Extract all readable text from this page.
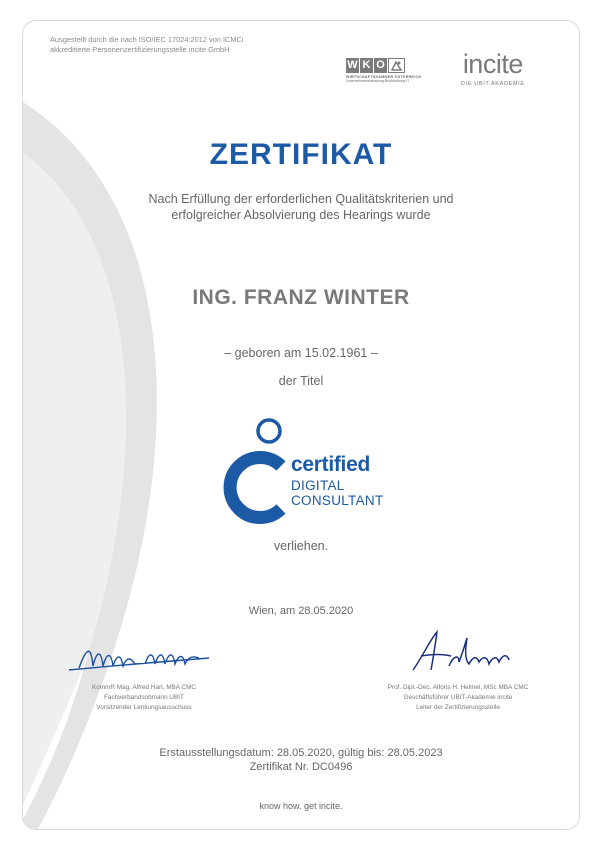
Ausgestellt durch die nach ISO/IEC 17024:2012 von ICMCi
akkreditierte Personenzertifizierungsstelle incite GmbH
W K O
WIRTSCHAFTSKAMMER ÖSTERREICH
Unternehmensberatung·Buchhaltung·IT
incite
DIE UBIT.AKADEMIE
ZERTIFIKAT
Nach Erfüllung der erforderlichen Qualitätskriterien und
erfolgreicher Absolvierung des Hearings wurde
ING. FRANZ WINTER
– geboren am 15.02.1961 –
der Titel
certified
DIGITAL
CONSULTANT
verliehen.
Wien, am 28.05.2020
KommR Mag. Alfred Harl, MBA CMC
Fachverbandsobmann UBIT
Vorsitzender Lenkungsausschuss
Prof. Dipl.-Oec. Alfons H. Helmel, MSc MBA CMC
Geschäftsführer UBIT-Akademie incite
Leiter der Zertifizierungsstelle
Erstausstellungsdatum: 28.05.2020, gültig bis: 28.05.2023
Zertifikat Nr. DC0496
know how. get incite.
